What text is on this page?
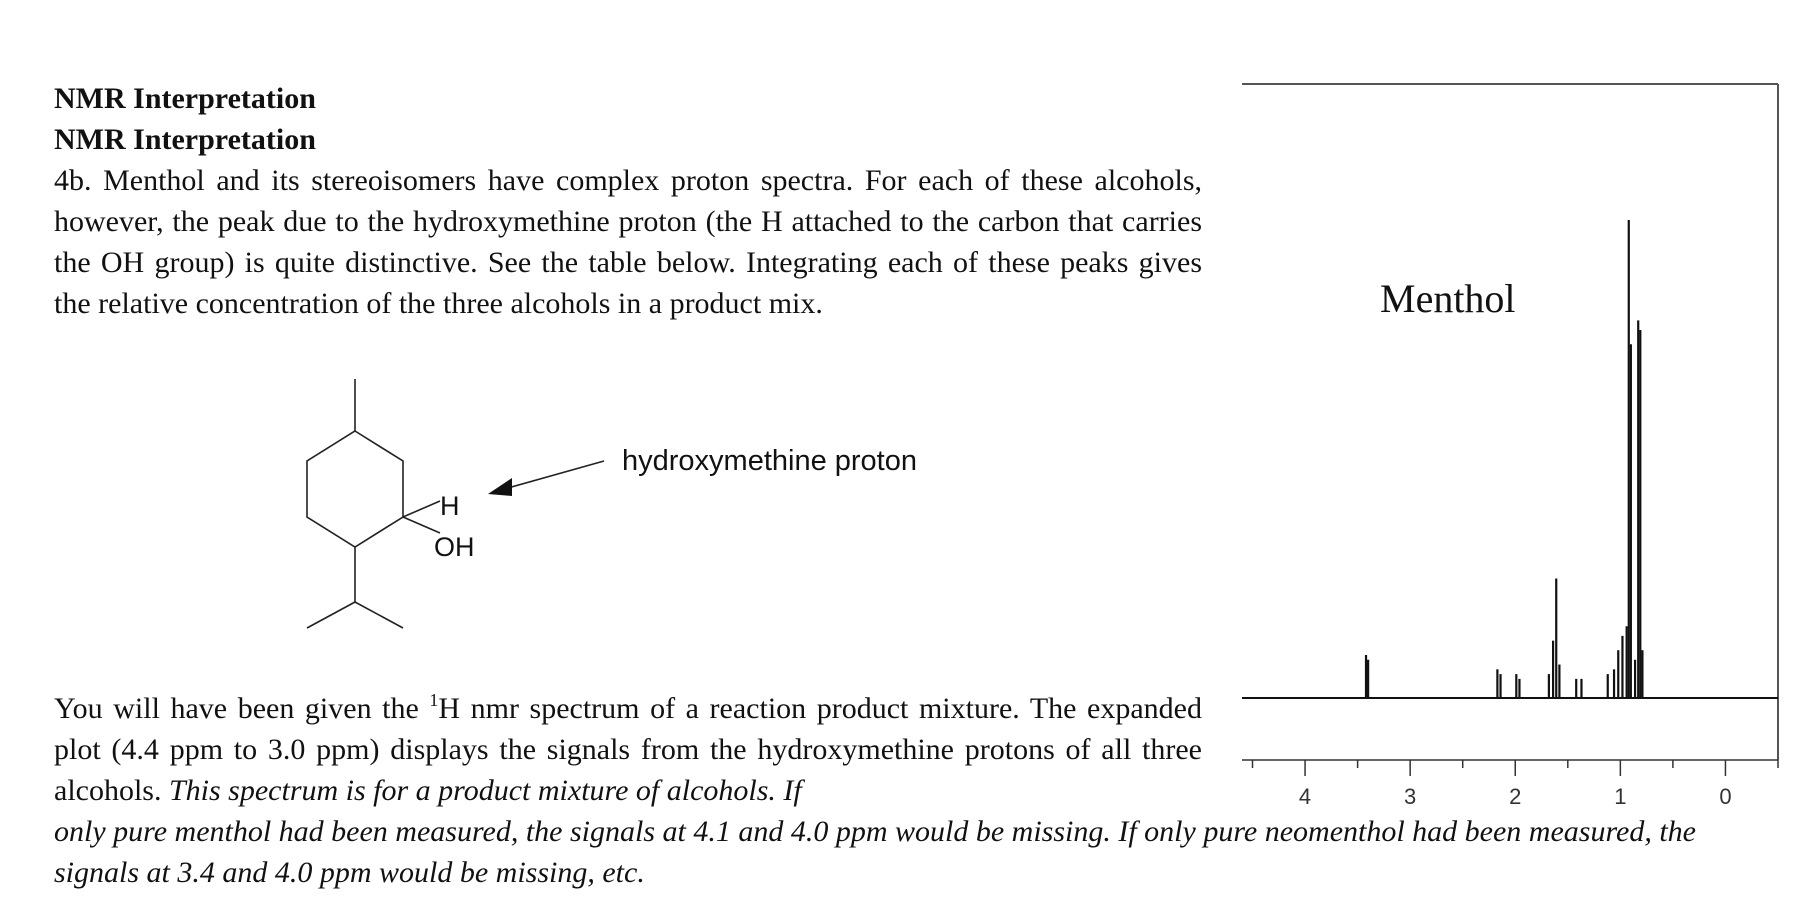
NMR Interpretation
NMR Interpretation
4b. Menthol and its stereoisomers have complex proton spectra. For each of these alcohols, however, the peak due to the hydroxymethine proton (the H attached to the carbon that carries the OH group) is quite distinctive. See the table below. Integrating each of these peaks gives the relative concentration of the three alcohols in a product mix.
H
OH
hydroxymethine proton
Menthol
4	3	2	1	0
You will have been given the $^1$H nmr spectrum of a reaction product mixture. The expanded plot (4.4 ppm to 3.0 ppm) displays the signals from the hydroxymethine protons of all three alcohols. This spectrum is for a product mixture of alcohols. If
only pure menthol had been measured, the signals at 4.1 and 4.0 ppm would be missing. If only pure neomenthol had been measured, the signals at 3.4 and 4.0 ppm would be missing, etc.
